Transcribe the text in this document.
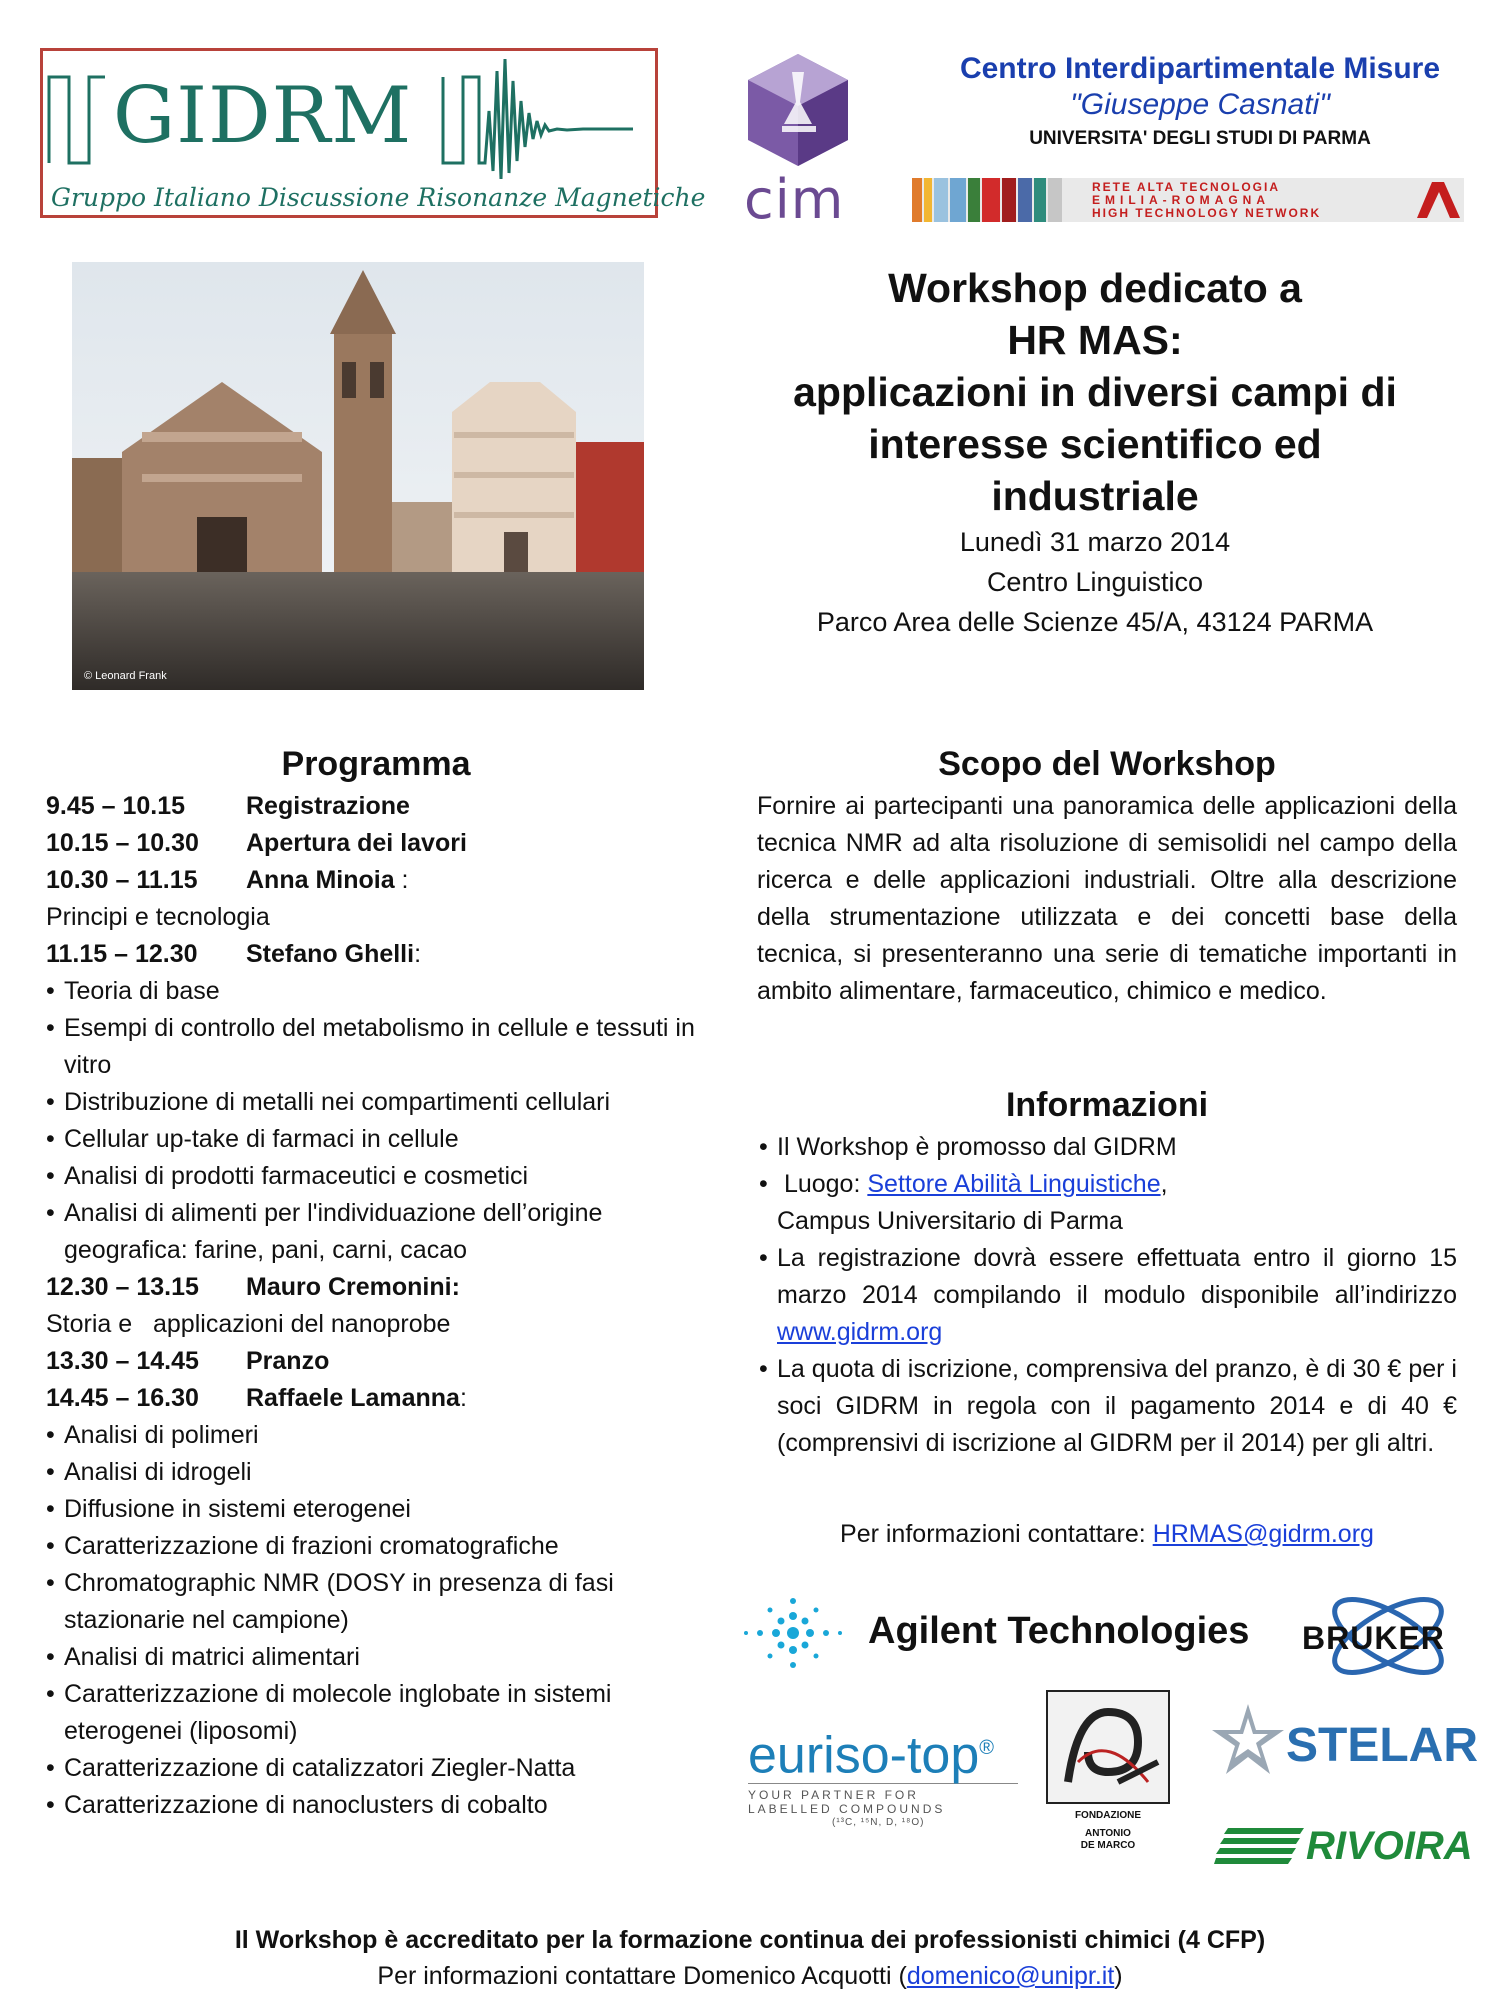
GIDRM
Gruppo Italiano Discussione Risonanze Magnetiche cim
Centro Interdipartimentale Misure
"Giuseppe Casnati"
UNIVERSITA' DEGLI STUDI DI PARMA
RETE ALTA TECNOLOGIA
EMILIA-ROMAGNA
HIGH TECHNOLOGY NETWORK
© Leonard Frank
Workshop dedicato a
HR MAS:
applicazioni in diversi campi di
interesse scientifico ed
industriale
Lunedì 31 marzo 2014
Centro Linguistico
Parco Area delle Scienze 45/A, 43124 PARMA
Programma
9.45 – 10.15	Registrazione
10.15 – 10.30	Apertura dei lavori
10.30 – 11.15	Anna Minoia :
Principi e tecnologia
11.15 – 12.30	Stefano Ghelli:
• Teoria di base
• Esempi di controllo del metabolismo in cellule e tessuti in vitro
• Distribuzione di metalli nei compartimenti cellulari
• Cellular up-take di farmaci in cellule
• Analisi di prodotti farmaceutici e cosmetici
• Analisi di alimenti per l'individuazione dell’origine geografica: farine, pani, carni, cacao
12.30 – 13.15	Mauro Cremonini:
Storia e   applicazioni del nanoprobe
13.30 – 14.45	Pranzo
14.45 – 16.30	Raffaele Lamanna:
• Analisi di polimeri
• Analisi di idrogeli
• Diffusione in sistemi eterogenei
• Caratterizzazione di frazioni cromatografiche
• Chromatographic NMR (DOSY in presenza di fasi stazionarie nel campione)
• Analisi di matrici alimentari
• Caratterizzazione di molecole inglobate in sistemi eterogenei (liposomi)
• Caratterizzazione di catalizzatori Ziegler-Natta
• Caratterizzazione di nanoclusters di cobalto
Scopo del Workshop
Fornire ai partecipanti una panoramica delle applicazioni della tecnica NMR ad alta risoluzione di semisolidi nel campo della ricerca e delle applicazioni industriali. Oltre alla descrizione della strumentazione utilizzata e dei concetti base della tecnica, si presenteranno una serie di tematiche importanti in ambito alimentare, farmaceutico, chimico e medico.
Informazioni
• Il Workshop è promosso dal GIDRM
•  Luogo: Settore Abilità Linguistiche,
Campus Universitario di Parma
• La registrazione dovrà essere effettuata entro il giorno 15 marzo 2014 compilando il modulo disponibile all’indirizzo www.gidrm.org
• La quota di iscrizione, comprensiva del pranzo, è di 30 € per i soci GIDRM in regola con il pagamento 2014 e di 40 € (comprensivi di iscrizione al GIDRM per il 2014) per gli altri.
Per informazioni contattare: HRMAS@gidrm.org
Agilent Technologies BRUKER
euriso-top®
YOUR PARTNER FOR
LABELLED COMPOUNDS
(¹³C, ¹⁵N, D, ¹⁸O)
FONDAZIONE
ANTONIO
DE MARCO
STELAR
RIVOIRA
Il Workshop è accreditato per la formazione continua dei professionisti chimici (4 CFP)
Per informazioni contattare Domenico Acquotti (domenico@unipr.it)
